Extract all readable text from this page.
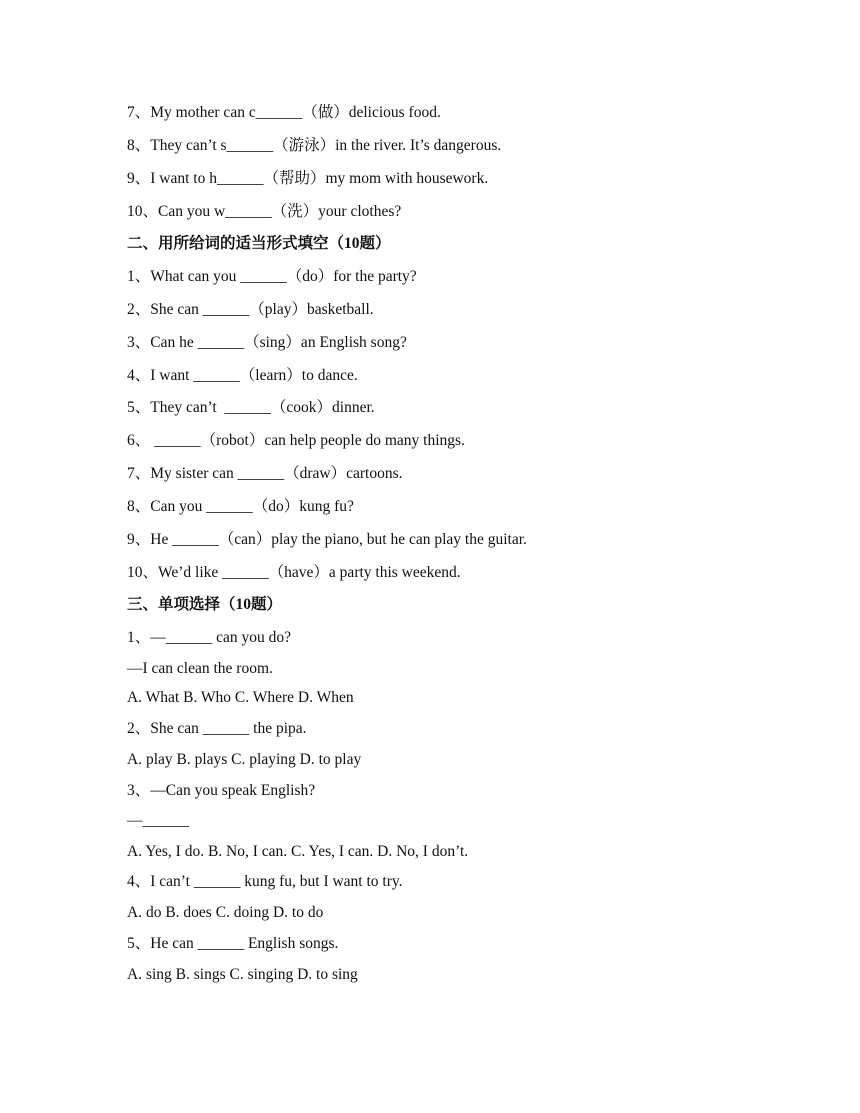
7、My mother can c______（做）delicious food.
8、They can’t s______（游泳）in the river. It’s dangerous.
9、I want to h______（帮助）my mom with housework.
10、Can you w______（洗）your clothes?
二、用所给词的适当形式填空（10题）
1、What can you ______（do）for the party?
2、She can ______（play）basketball.
3、Can he ______（sing）an English song?
4、I want ______（learn）to dance.
5、They can’t  ______（cook）dinner.
6、 ______（robot）can help people do many things.
7、My sister can ______（draw）cartoons.
8、Can you ______（do）kung fu?
9、He ______（can）play the piano, but he can play the guitar.
10、We’d like ______（have）a party this weekend.
三、单项选择（10题）
1、—______ can you do?
—I can clean the room.
A. What B. Who C. Where D. When
2、She can ______ the pipa.
A. play B. plays C. playing D. to play
3、—Can you speak English?
—______
A. Yes, I do. B. No, I can. C. Yes, I can. D. No, I don’t.
4、I can’t ______ kung fu, but I want to try.
A. do B. does C. doing D. to do
5、He can ______ English songs.
A. sing B. sings C. singing D. to sing
